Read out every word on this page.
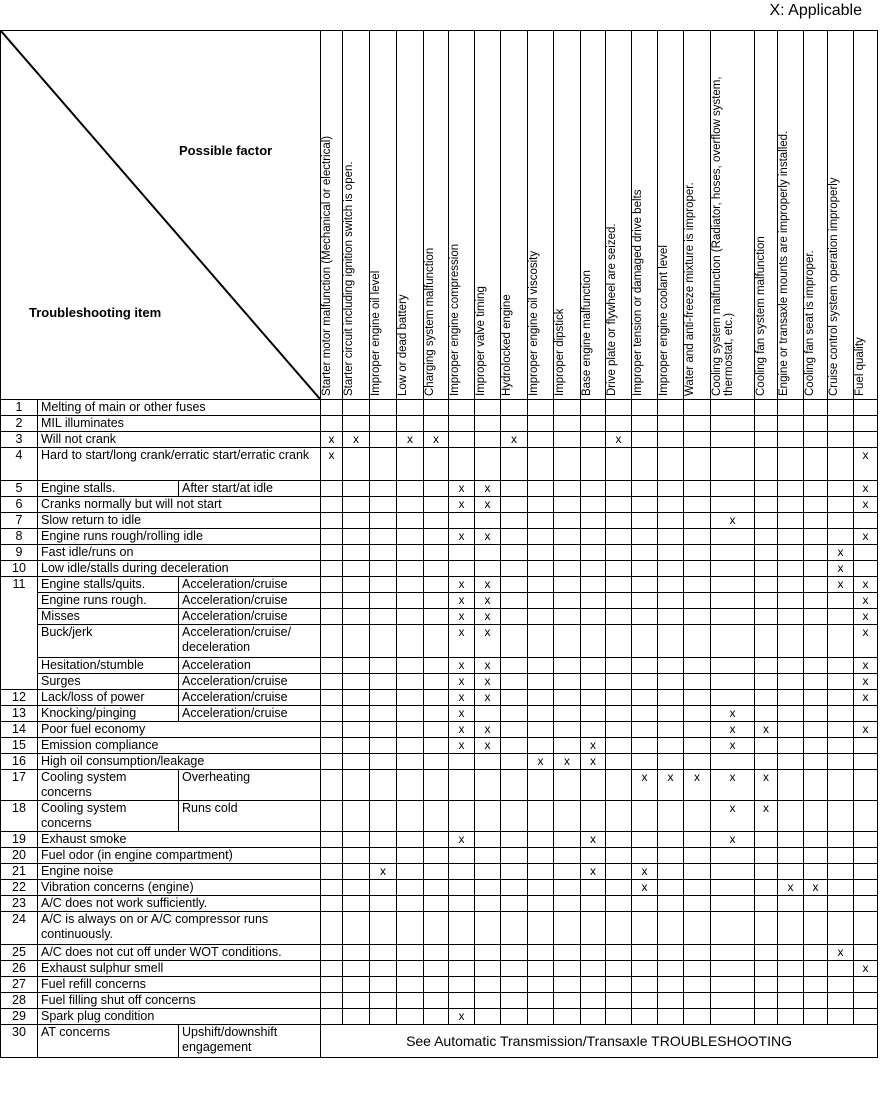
X: Applicable
Possible factor
Troubleshooting item			Starter motor malfunction (Mechanical or electrical)	Starter circuit including ignition switch is open.	Improper engine oil level	Low or dead battery	Charging system malfunction	Improper engine compression	Improper valve timing	Hydrolocked engine	Improper engine oil viscosity	Improper dipstick	Base engine malfunction	Drive plate or flywheel are seized.	Improper tension or damaged drive belts	Improper engine coolant level	Water and anti-freeze mixture is improper.	Cooling system malfunction (Radiator, hoses, overflow system, thermostat, etc.)	Cooling fan system malfunction	Engine or transaxle mounts are improperly installed.	Cooling fan seat is improper.	Cruise control system operation improperly	Fuel quality

1	Melting of main or other fuses																						
2	MIL illuminates																						
3	Will not crank		x	x		x	x			x				x									
4	Hard to start/long crank/erratic start/erratic crank		x																				x
5	Engine stalls.	After start/at idle						x	x														x
6	Cranks normally but will not start							x	x														x
7	Slow return to idle																	x					
8	Engine runs rough/rolling idle							x	x														x
9	Fast idle/runs on																					x	
10	Low idle/stalls during deceleration																					x	
11	Engine stalls/quits.	Acceleration/cruise						x	x													x	x
	Engine runs rough.	Acceleration/cruise						x	x														x
	Misses	Acceleration/cruise						x	x														x
	Buck/jerk	Acceleration/cruise/ deceleration						x	x														x
	Hesitation/stumble	Acceleration						x	x														x
	Surges	Acceleration/cruise						x	x														x
12	Lack/loss of power	Acceleration/cruise						x	x														x
13	Knocking/pinging	Acceleration/cruise						x										x					
14	Poor fuel economy							x	x									x	x				x
15	Emission compliance							x	x				x					x					
16	High oil consumption/leakage										x	x	x										
17	Cooling system concerns	Overheating													x	x	x	x	x				
18	Cooling system concerns	Runs cold																x	x				
19	Exhaust smoke							x					x					x					
20	Fuel odor (in engine compartment)																						
21	Engine noise				x								x		x								
22	Vibration concerns (engine)														x					x	x		
23	A/C does not work sufficiently.																						
24	A/C is always on or A/C compressor runs continuously.																						
25	A/C does not cut off under WOT conditions.																					x	
26	Exhaust sulphur smell																						x
27	Fuel refill concerns																						
28	Fuel filling shut off concerns																						
29	Spark plug condition							x															
30	AT concerns	Upshift/downshift engagement	See Automatic Transmission/Transaxle TROUBLESHOOTING																				
